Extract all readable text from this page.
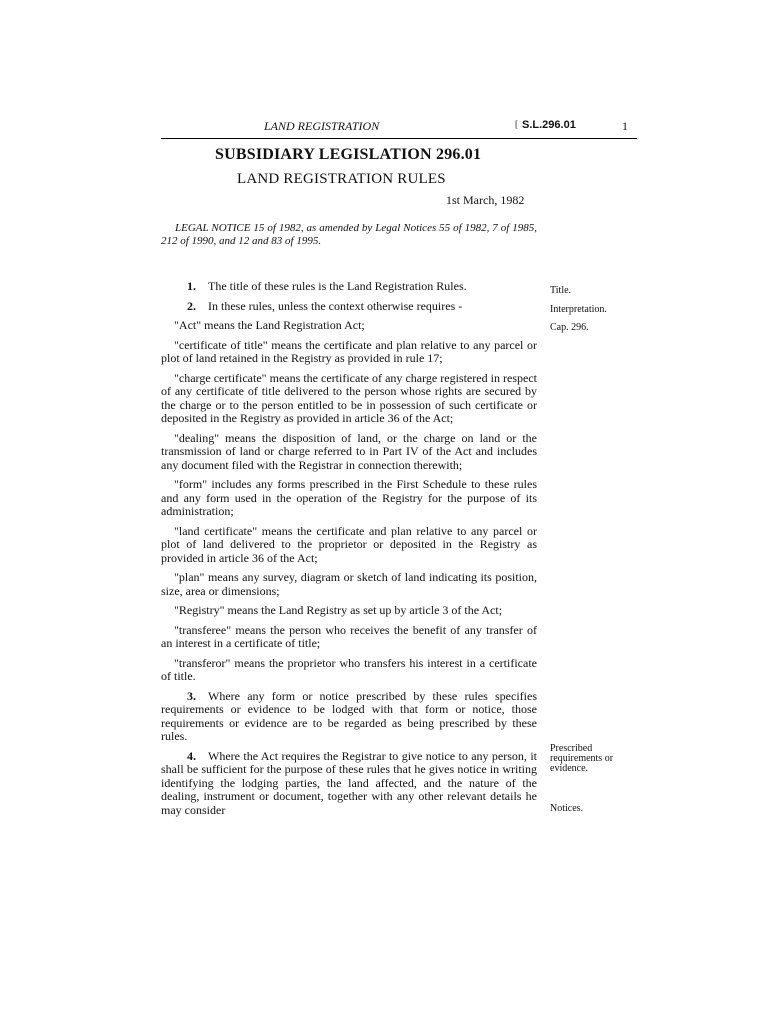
LAND REGISTRATION	[ S.L.296.01	1
SUBSIDIARY LEGISLATION 296.01
LAND REGISTRATION RULES
1st March, 1982
LEGAL NOTICE 15 of 1982, as amended by Legal Notices 55 of 1982, 7 of 1985, 212 of 1990, and 12 and 83 of 1995.

1. The title of these rules is the Land Registration Rules.

2. In these rules, unless the context otherwise requires -

"Act" means the Land Registration Act;

"certificate of title" means the certificate and plan relative to any parcel or plot of land retained in the Registry as provided in rule 17;

"charge certificate" means the certificate of any charge registered in respect of any certificate of title delivered to the person whose rights are secured by the charge or to the person entitled to be in possession of such certificate or deposited in the Registry as provided in article 36 of the Act;

"dealing" means the disposition of land, or the charge on land or the transmission of land or charge referred to in Part IV of the Act and includes any document filed with the Registrar in connection therewith;

"form" includes any forms prescribed in the First Schedule to these rules and any form used in the operation of the Registry for the purpose of its administration;

"land certificate" means the certificate and plan relative to any parcel or plot of land delivered to the proprietor or deposited in the Registry as provided in article 36 of the Act;

"plan" means any survey, diagram or sketch of land indicating its position, size, area or dimensions;

"Registry" means the Land Registry as set up by article 3 of the Act;

"transferee" means the person who receives the benefit of any transfer of an interest in a certificate of title;

"transferor" means the proprietor who transfers his interest in a certificate of title.

3. Where any form or notice prescribed by these rules specifies requirements or evidence to be lodged with that form or notice, those requirements or evidence are to be regarded as being prescribed by these rules.

4. Where the Act requires the Registrar to give notice to any person, it shall be sufficient for the purpose of these rules that he gives notice in writing identifying the lodging parties, the land affected, and the nature of the dealing, instrument or document, together with any other relevant details he may consider

Title.
Interpretation.
Cap. 296.
Prescribed requirements or evidence.
Notices.
